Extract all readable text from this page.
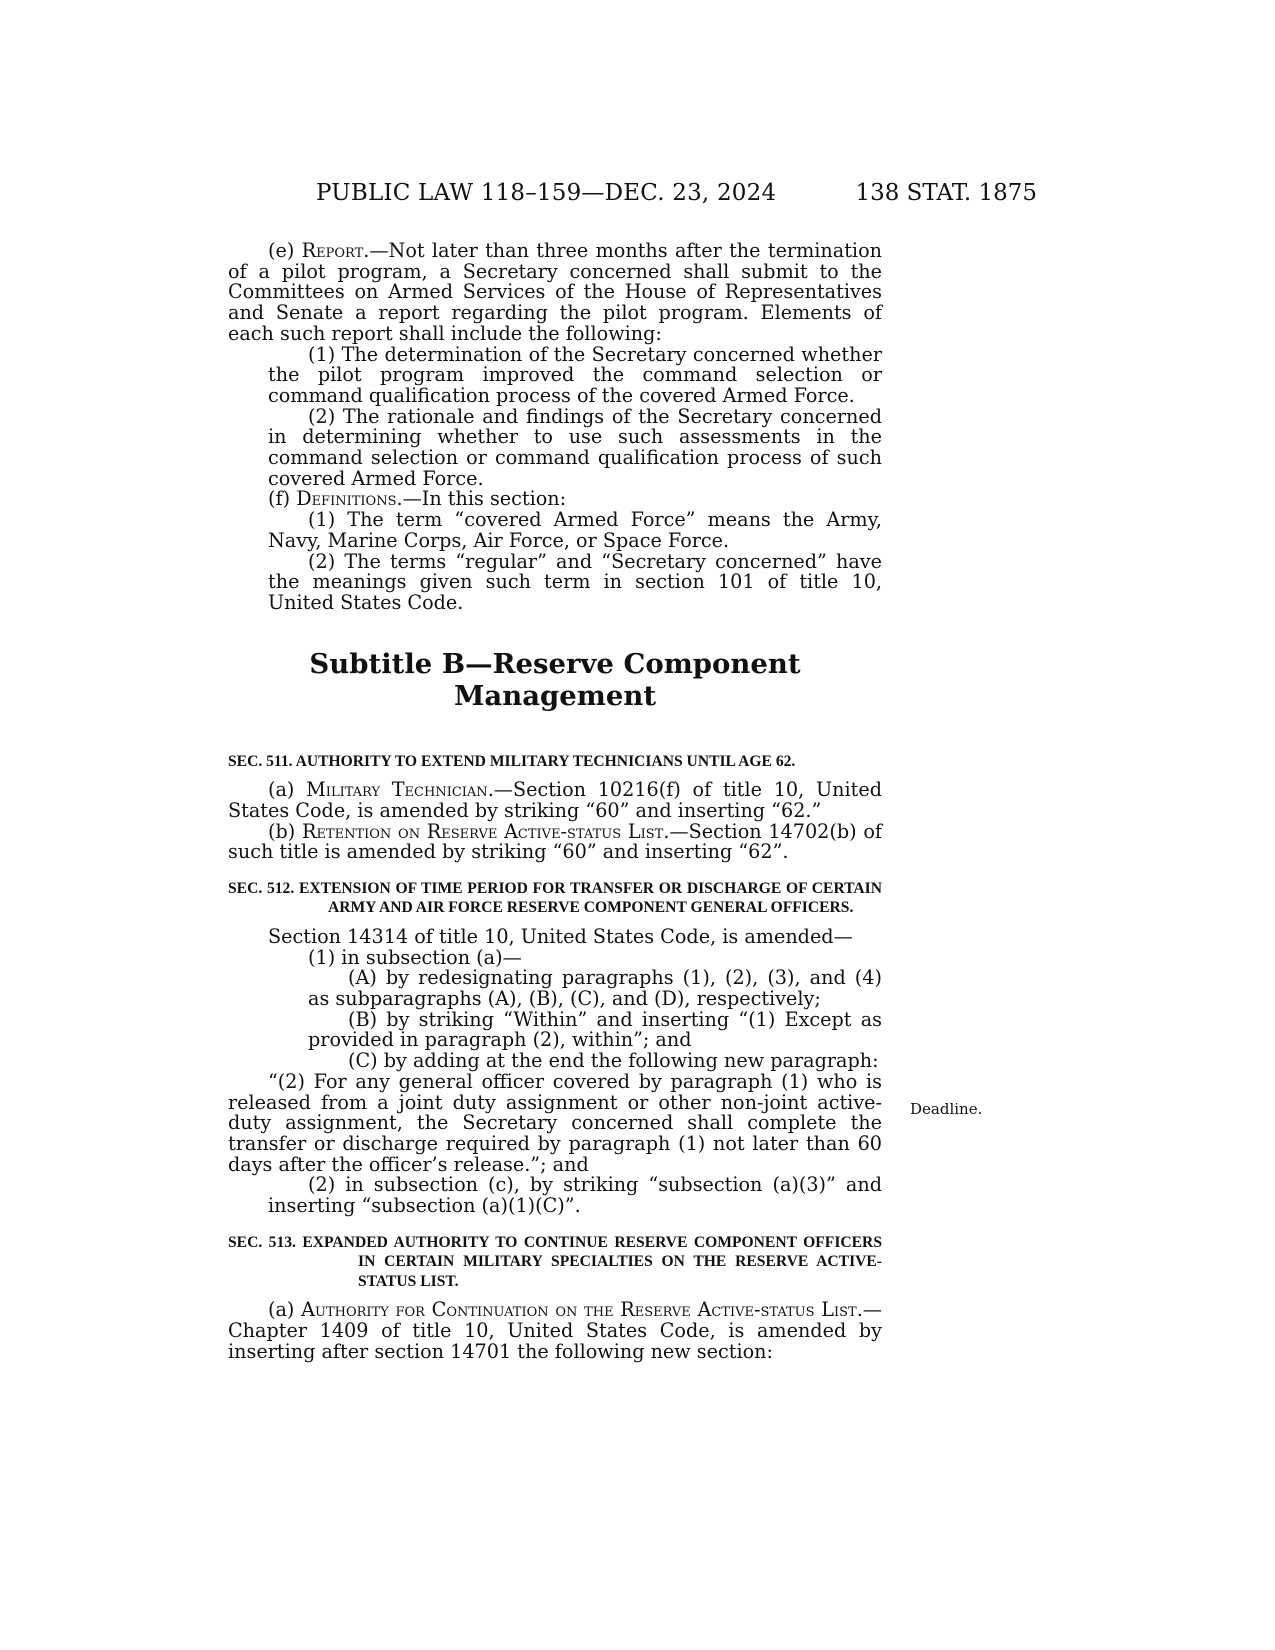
PUBLIC LAW 118–159—DEC. 23, 2024	138 STAT. 1875

(e) Report.—Not later than three months after the termination of a pilot program, a Secretary concerned shall submit to the Committees on Armed Services of the House of Representatives and Senate a report regarding the pilot program. Elements of each such report shall include the following:

(1) The determination of the Secretary concerned whether the pilot program improved the command selection or command qualification process of the covered Armed Force.

(2) The rationale and findings of the Secretary concerned in determining whether to use such assessments in the command selection or command qualification process of such covered Armed Force.

(f) Definitions.—In this section:

(1) The term “covered Armed Force” means the Army, Navy, Marine Corps, Air Force, or Space Force.

(2) The terms “regular” and “Secretary concerned” have the meanings given such term in section 101 of title 10, United States Code.

Subtitle B—Reserve Component
Management

SEC. 511. AUTHORITY TO EXTEND MILITARY TECHNICIANS UNTIL AGE 62.

(a) Military Technician.—Section 10216(f) of title 10, United States Code, is amended by striking “60” and inserting “62.”

(b) Retention on Reserve Active-status List.—Section 14702(b) of such title is amended by striking “60” and inserting “62”.

SEC. 512. EXTENSION OF TIME PERIOD FOR TRANSFER OR DISCHARGE OF CERTAIN ARMY AND AIR FORCE RESERVE COMPONENT GENERAL OFFICERS.

Section 14314 of title 10, United States Code, is amended—

(1) in subsection (a)—

(A) by redesignating paragraphs (1), (2), (3), and (4) as subparagraphs (A), (B), (C), and (D), respectively;

(B) by striking “Within” and inserting “(1) Except as provided in paragraph (2), within”; and

(C) by adding at the end the following new paragraph:

“(2) For any general officer covered by paragraph (1) who is released from a joint duty assignment or other non-joint active-duty assignment, the Secretary concerned shall complete the transfer or discharge required by paragraph (1) not later than 60 days after the officer’s release.”; and

(2) in subsection (c), by striking “subsection (a)(3)” and inserting “subsection (a)(1)(C)”.

SEC. 513. EXPANDED AUTHORITY TO CONTINUE RESERVE COMPONENT OFFICERS IN CERTAIN MILITARY SPECIALTIES ON THE RESERVE ACTIVE-STATUS LIST.

(a) Authority for Continuation on the Reserve Active-status List.—Chapter 1409 of title 10, United States Code, is amended by inserting after section 14701 the following new section:

Deadline.
